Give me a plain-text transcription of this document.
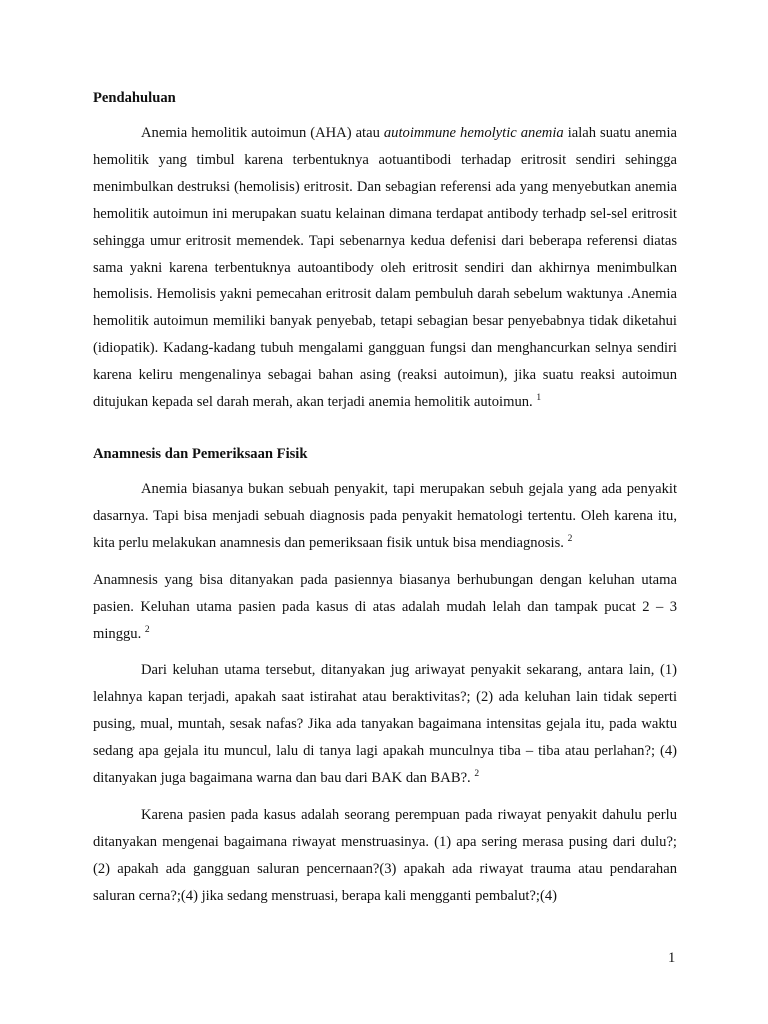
Pendahuluan

Anemia hemolitik autoimun (AHA) atau autoimmune hemolytic anemia ialah suatu anemia hemolitik yang timbul karena terbentuknya aotuantibodi terhadap eritrosit sendiri sehingga menimbulkan destruksi (hemolisis) eritrosit. Dan sebagian referensi ada yang menyebutkan anemia hemolitik autoimun ini merupakan suatu kelainan dimana terdapat antibody terhadp sel-sel eritrosit sehingga umur eritrosit memendek. Tapi sebenarnya kedua defenisi dari beberapa referensi diatas sama yakni karena terbentuknya autoantibody oleh eritrosit sendiri dan akhirnya menimbulkan hemolisis. Hemolisis yakni pemecahan eritrosit dalam pembuluh darah sebelum waktunya .Anemia hemolitik autoimun memiliki banyak penyebab, tetapi sebagian besar penyebabnya tidak diketahui (idiopatik). Kadang-kadang tubuh mengalami gangguan fungsi dan menghancurkan selnya sendiri karena keliru mengenalinya sebagai bahan asing (reaksi autoimun), jika suatu reaksi autoimun ditujukan kepada sel darah merah, akan terjadi anemia hemolitik autoimun. $^1$

Anamnesis dan Pemeriksaan Fisik

Anemia biasanya bukan sebuah penyakit, tapi merupakan sebuh gejala yang ada penyakit dasarnya. Tapi bisa menjadi sebuah diagnosis pada penyakit hematologi tertentu. Oleh karena itu, kita perlu melakukan anamnesis dan pemeriksaan fisik untuk bisa mendiagnosis. $^2$

Anamnesis yang bisa ditanyakan pada pasiennya biasanya berhubungan dengan keluhan utama pasien. Keluhan utama pasien pada kasus di atas adalah mudah lelah dan tampak pucat 2 – 3 minggu. $^2$

Dari keluhan utama tersebut, ditanyakan jug ariwayat penyakit sekarang, antara lain, (1) lelahnya kapan terjadi, apakah saat istirahat atau beraktivitas?; (2) ada keluhan lain tidak seperti pusing, mual, muntah, sesak nafas? Jika ada tanyakan bagaimana intensitas gejala itu, pada waktu sedang apa gejala itu muncul, lalu di tanya lagi apakah munculnya tiba – tiba atau perlahan?; (4) ditanyakan juga bagaimana warna dan bau dari BAK dan BAB?. $^2$

Karena pasien pada kasus adalah seorang perempuan pada riwayat penyakit dahulu perlu ditanyakan mengenai bagaimana riwayat menstruasinya. (1) apa sering merasa pusing dari dulu?;(2) apakah ada gangguan saluran pencernaan?(3) apakah ada riwayat trauma atau pendarahan saluran cerna?;(4) jika sedang menstruasi, berapa kali mengganti pembalut?;(4)

1
